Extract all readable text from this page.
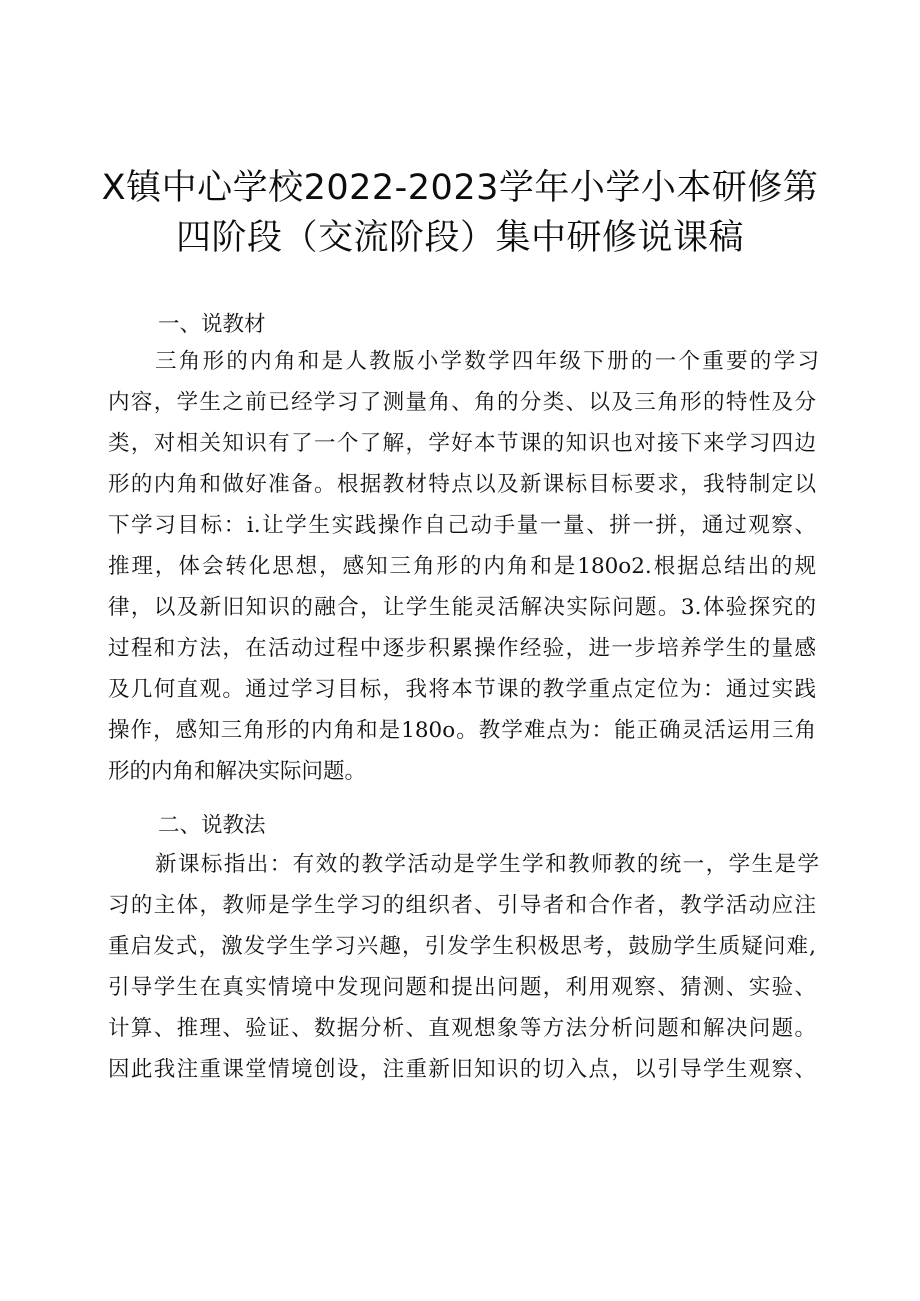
X镇中心学校2022-2023学年小学小本研修第
四阶段（交流阶段）集中研修说课稿
一、说教材
三角形的内角和是人教版小学数学四年级下册的一个重要的学习
内容，学生之前已经学习了测量角、角的分类、以及三角形的特性及分
类，对相关知识有了一个了解，学好本节课的知识也对接下来学习四边
形的内角和做好准备。根据教材特点以及新课标目标要求，我特制定以
下学习目标：i.让学生实践操作自己动手量一量、拼一拼，通过观察、
推理，体会转化思想，感知三角形的内角和是180o2.根据总结出的规
律，以及新旧知识的融合，让学生能灵活解决实际问题。3.体验探究的
过程和方法，在活动过程中逐步积累操作经验，进一步培养学生的量感
及几何直观。通过学习目标，我将本节课的教学重点定位为：通过实践
操作，感知三角形的内角和是180o。教学难点为：能正确灵活运用三角
形的内角和解决实际问题。
二、说教法
新课标指出：有效的教学活动是学生学和教师教的统一，学生是学
习的主体，教师是学生学习的组织者、引导者和合作者，教学活动应注
重启发式，激发学生学习兴趣，引发学生积极思考，鼓励学生质疑问难,
引导学生在真实情境中发现问题和提出问题，利用观察、猜测、实验、
计算、推理、验证、数据分析、直观想象等方法分析问题和解决问题。
因此我注重课堂情境创设，注重新旧知识的切入点，以引导学生观察、
